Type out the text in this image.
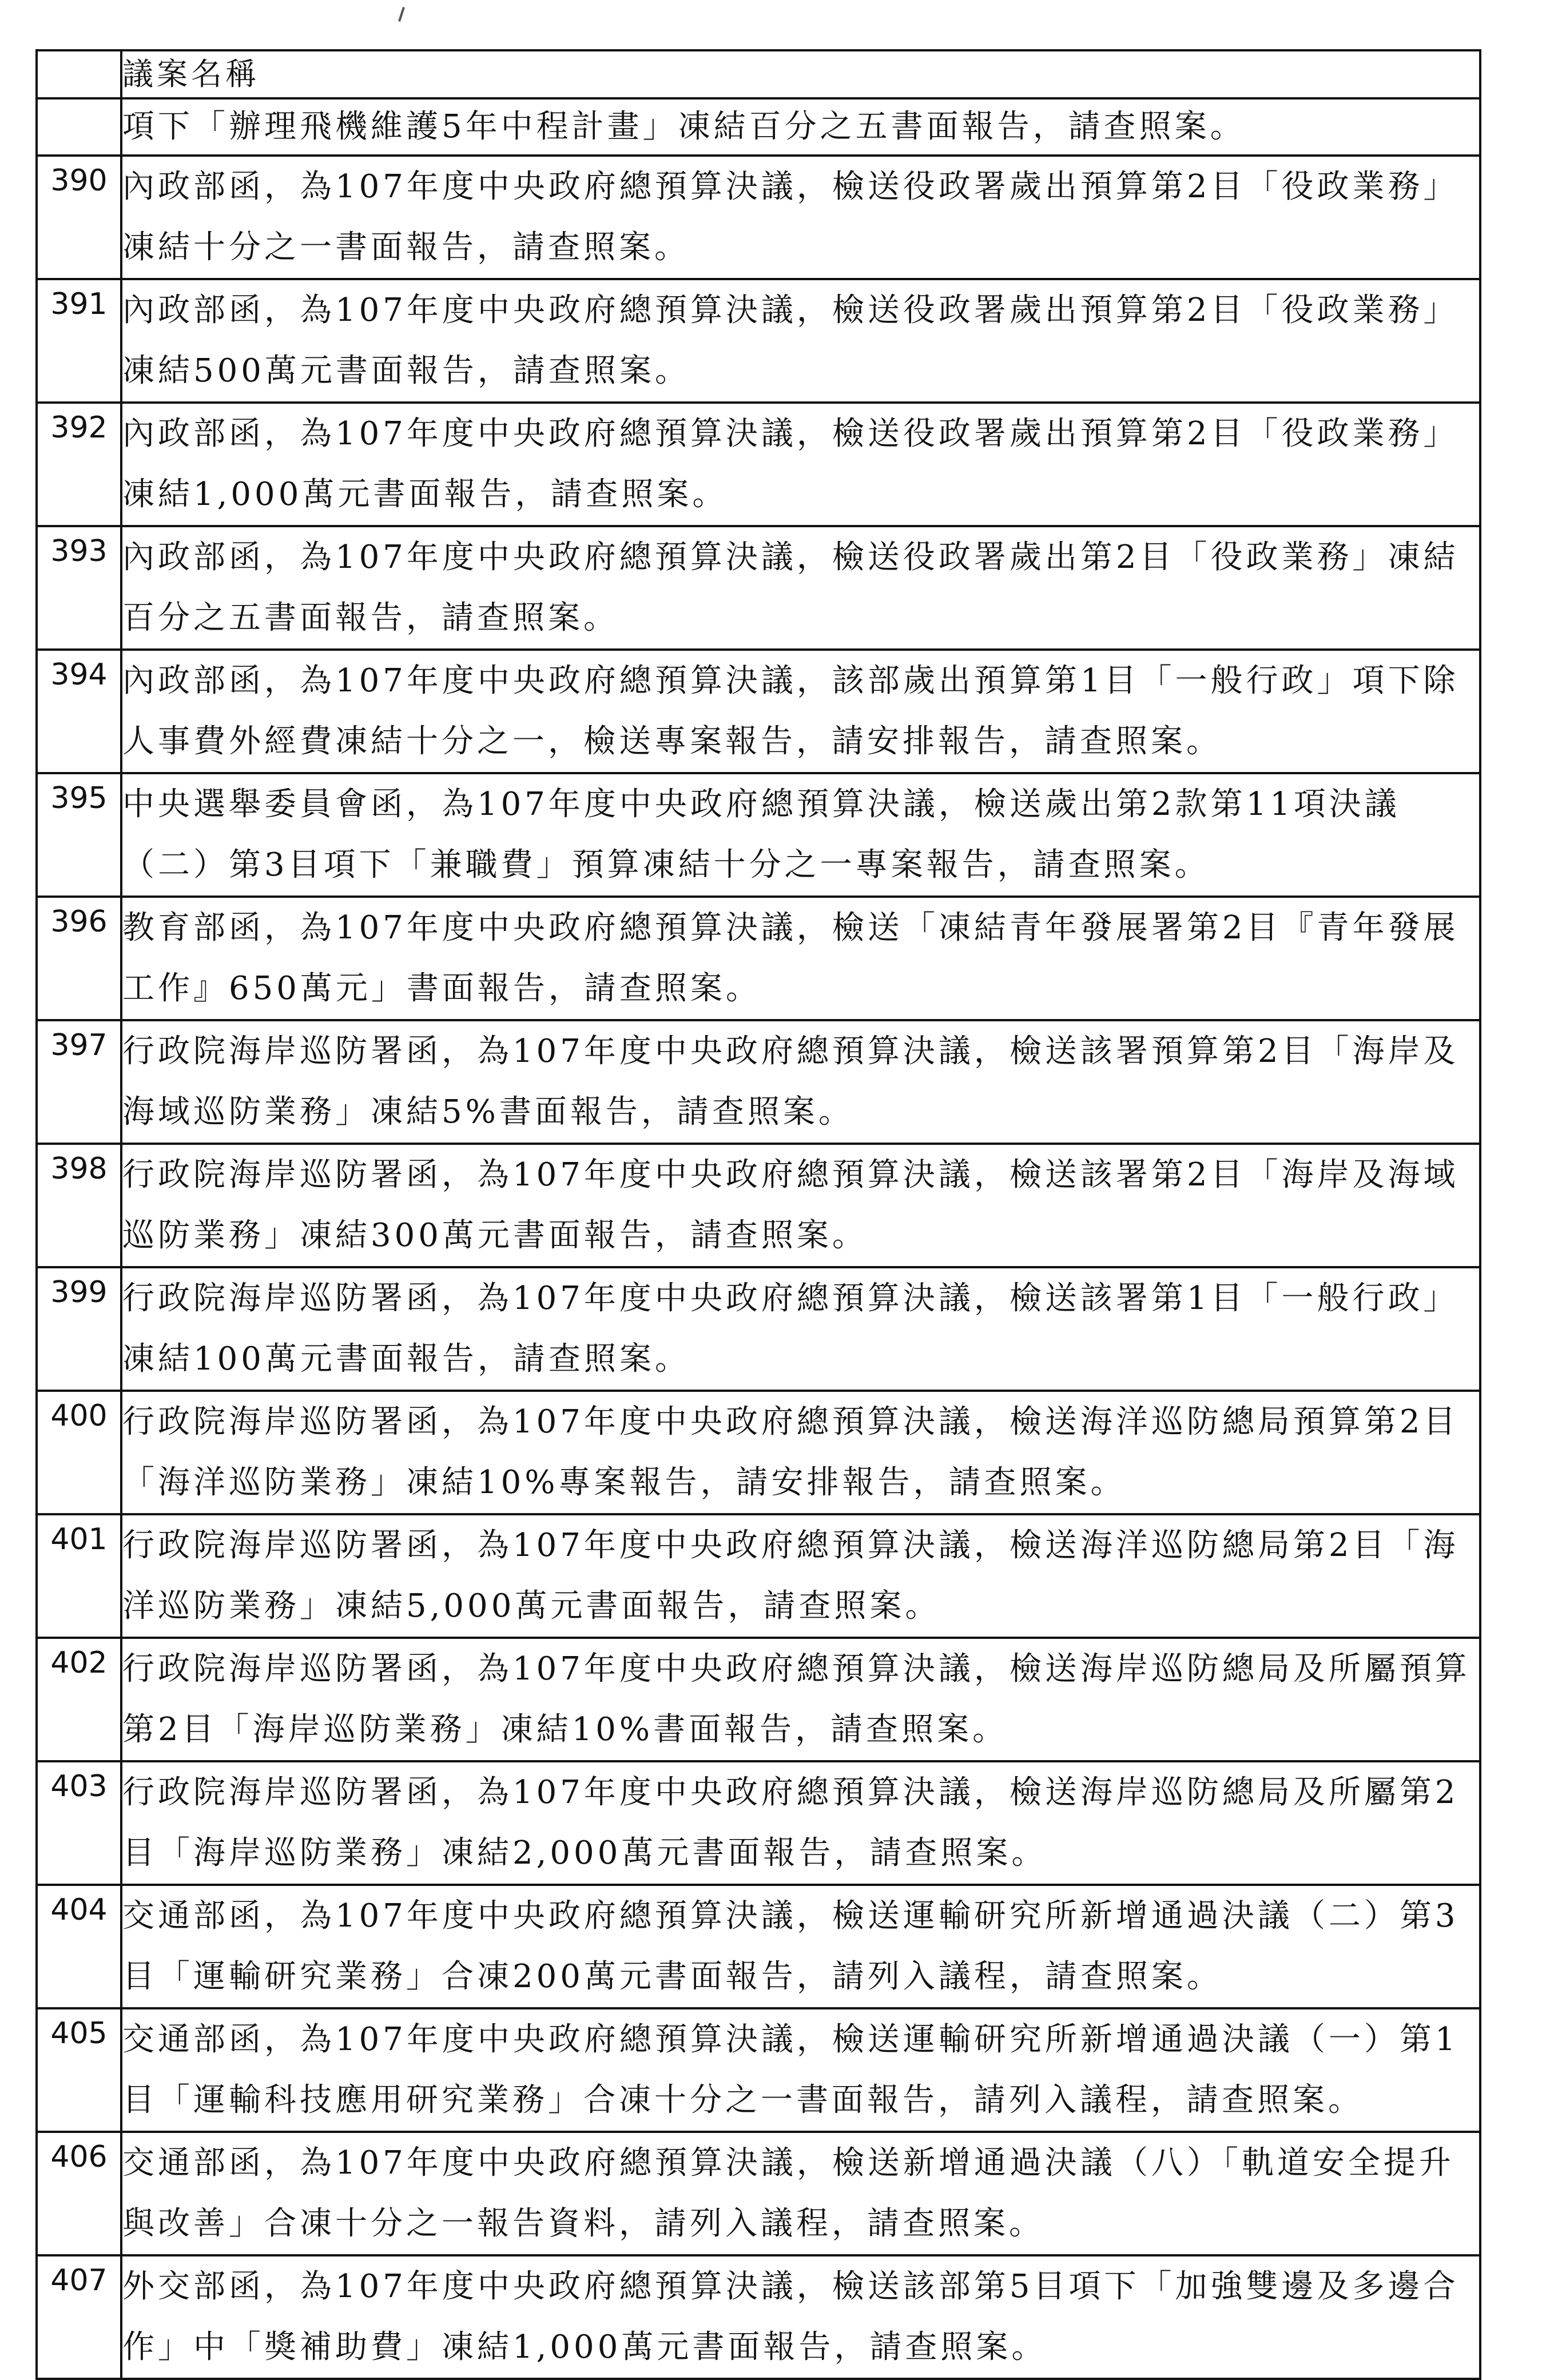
	議案名稱
	項下「辦理飛機維護5年中程計畫」凍結百分之五書面報告，請查照案。
390	內政部函，為107年度中央政府總預算決議，檢送役政署歲出預算第2目「役政業務」凍結十分之一書面報告，請查照案。
391	內政部函，為107年度中央政府總預算決議，檢送役政署歲出預算第2目「役政業務」凍結500萬元書面報告，請查照案。
392	內政部函，為107年度中央政府總預算決議，檢送役政署歲出預算第2目「役政業務」凍結1,000萬元書面報告，請查照案。
393	內政部函，為107年度中央政府總預算決議，檢送役政署歲出第2目「役政業務」凍結百分之五書面報告，請查照案。
394	內政部函，為107年度中央政府總預算決議，該部歲出預算第1目「一般行政」項下除人事費外經費凍結十分之一，檢送專案報告，請安排報告，請查照案。
395	中央選舉委員會函，為107年度中央政府總預算決議，檢送歲出第2款第11項決議（二）第3目項下「兼職費」預算凍結十分之一專案報告，請查照案。
396	教育部函，為107年度中央政府總預算決議，檢送「凍結青年發展署第2目『青年發展工作』650萬元」書面報告，請查照案。
397	行政院海岸巡防署函，為107年度中央政府總預算決議，檢送該署預算第2目「海岸及海域巡防業務」凍結5%書面報告，請查照案。
398	行政院海岸巡防署函，為107年度中央政府總預算決議，檢送該署第2目「海岸及海域巡防業務」凍結300萬元書面報告，請查照案。
399	行政院海岸巡防署函，為107年度中央政府總預算決議，檢送該署第1目「一般行政」凍結100萬元書面報告，請查照案。
400	行政院海岸巡防署函，為107年度中央政府總預算決議，檢送海洋巡防總局預算第2目「海洋巡防業務」凍結10%專案報告，請安排報告，請查照案。
401	行政院海岸巡防署函，為107年度中央政府總預算決議，檢送海洋巡防總局第2目「海洋巡防業務」凍結5,000萬元書面報告，請查照案。
402	行政院海岸巡防署函，為107年度中央政府總預算決議，檢送海岸巡防總局及所屬預算第2目「海岸巡防業務」凍結10%書面報告，請查照案。
403	行政院海岸巡防署函，為107年度中央政府總預算決議，檢送海岸巡防總局及所屬第2目「海岸巡防業務」凍結2,000萬元書面報告，請查照案。
404	交通部函，為107年度中央政府總預算決議，檢送運輸研究所新增通過決議（二）第3目「運輸研究業務」合凍200萬元書面報告，請列入議程，請查照案。
405	交通部函，為107年度中央政府總預算決議，檢送運輸研究所新增通過決議（一）第1目「運輸科技應用研究業務」合凍十分之一書面報告，請列入議程，請查照案。
406	交通部函，為107年度中央政府總預算決議，檢送新增通過決議（八）「軌道安全提升與改善」合凍十分之一報告資料，請列入議程，請查照案。
407	外交部函，為107年度中央政府總預算決議，檢送該部第5目項下「加強雙邊及多邊合作」中「獎補助費」凍結1,000萬元書面報告，請查照案。
